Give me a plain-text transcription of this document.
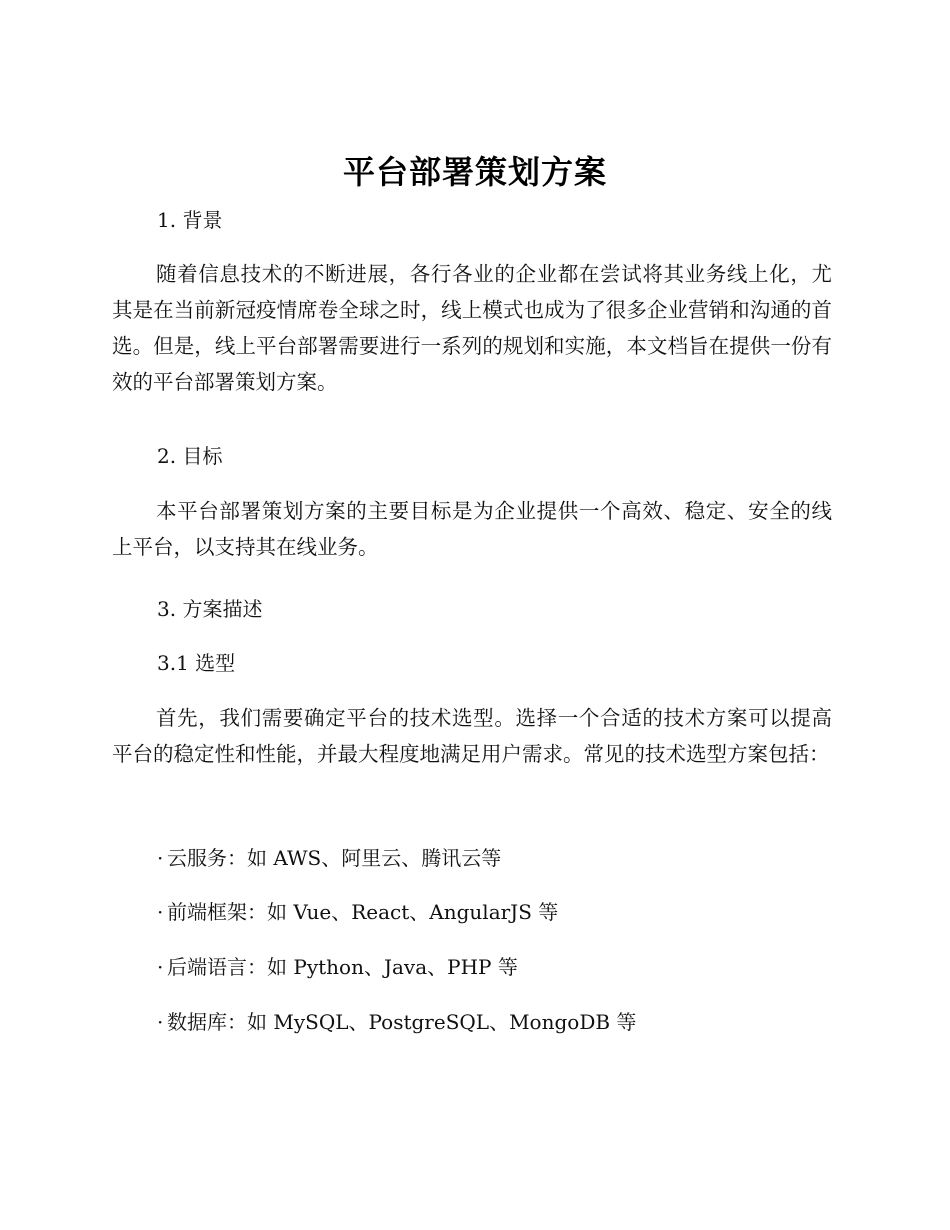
平台部署策划方案
1. 背景
随着信息技术的不断进展，各行各业的企业都在尝试将其业务线上化，尤其是在当前新冠疫情席卷全球之时，线上模式也成为了很多企业营销和沟通的首选。但是，线上平台部署需要进行一系列的规划和实施，本文档旨在提供一份有效的平台部署策划方案。
2. 目标
本平台部署策划方案的主要目标是为企业提供一个高效、稳定、安全的线上平台，以支持其在线业务。
3. 方案描述
3.1 选型
首先，我们需要确定平台的技术选型。选择一个合适的技术方案可以提高平台的稳定性和性能，并最大程度地满足用户需求。常见的技术选型方案包括：
· 云服务：如 AWS、阿里云、腾讯云等
· 前端框架：如 Vue、React、AngularJS 等
· 后端语言：如 Python、Java、PHP 等
· 数据库：如 MySQL、PostgreSQL、MongoDB 等
